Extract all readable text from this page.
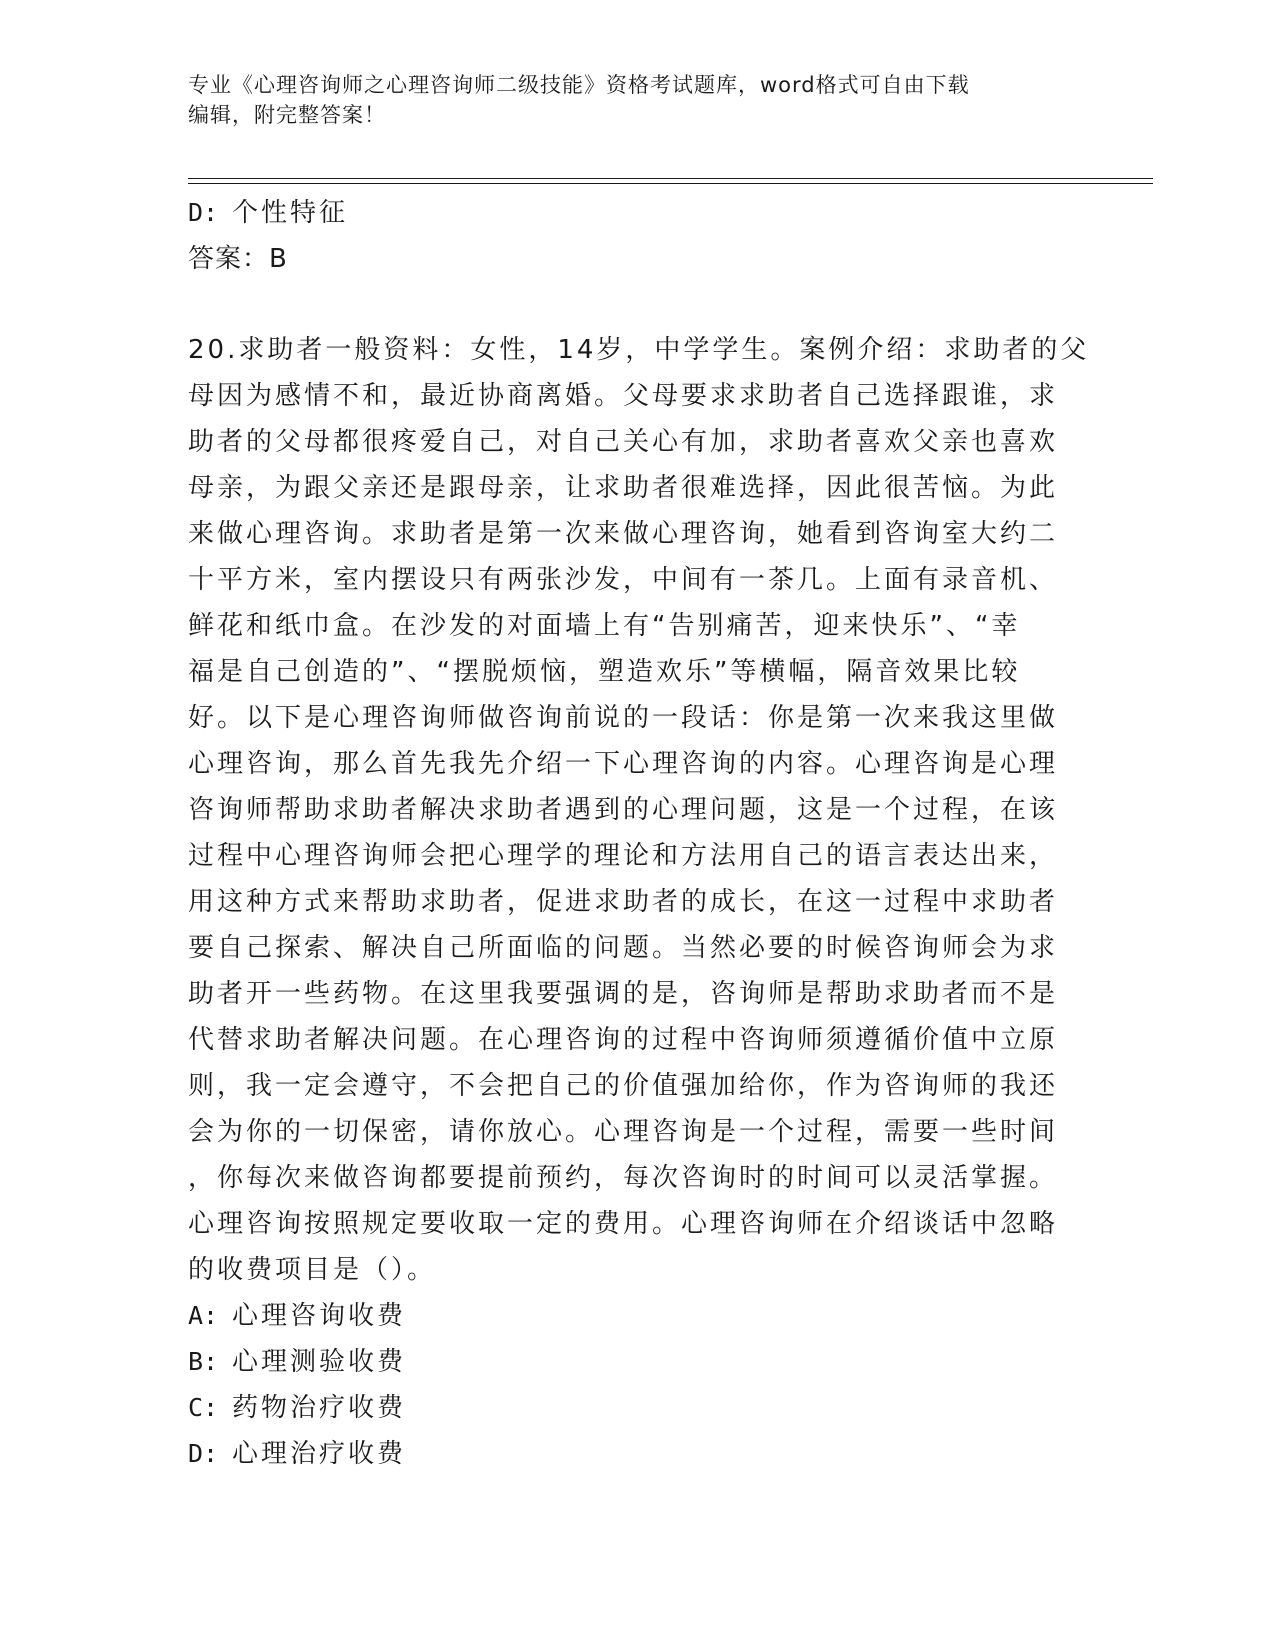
专业《心理咨询师之心理咨询师二级技能》资格考试题库，word格式可自由下载
编辑，附完整答案！
D: 个性特征
答案：B
20.求助者一般资料：女性，14岁，中学学生。案例介绍：求助者的父
母因为感情不和，最近协商离婚。父母要求求助者自己选择跟谁，求
助者的父母都很疼爱自己，对自己关心有加，求助者喜欢父亲也喜欢
母亲，为跟父亲还是跟母亲，让求助者很难选择，因此很苦恼。为此
来做心理咨询。求助者是第一次来做心理咨询，她看到咨询室大约二
十平方米，室内摆设只有两张沙发，中间有一茶几。上面有录音机、
鲜花和纸巾盒。在沙发的对面墙上有“告别痛苦，迎来快乐”、“幸
福是自己创造的”、“摆脱烦恼，塑造欢乐”等横幅，隔音效果比较
好。以下是心理咨询师做咨询前说的一段话：你是第一次来我这里做
心理咨询，那么首先我先介绍一下心理咨询的内容。心理咨询是心理
咨询师帮助求助者解决求助者遇到的心理问题，这是一个过程，在该
过程中心理咨询师会把心理学的理论和方法用自己的语言表达出来，
用这种方式来帮助求助者，促进求助者的成长，在这一过程中求助者
要自己探索、解决自己所面临的问题。当然必要的时候咨询师会为求
助者开一些药物。在这里我要强调的是，咨询师是帮助求助者而不是
代替求助者解决问题。在心理咨询的过程中咨询师须遵循价值中立原
则，我一定会遵守，不会把自己的价值强加给你，作为咨询师的我还
会为你的一切保密，请你放心。心理咨询是一个过程，需要一些时间
，你每次来做咨询都要提前预约，每次咨询时的时间可以灵活掌握。
心理咨询按照规定要收取一定的费用。心理咨询师在介绍谈话中忽略
的收费项目是（）。
A: 心理咨询收费
B: 心理测验收费
C: 药物治疗收费
D: 心理治疗收费
